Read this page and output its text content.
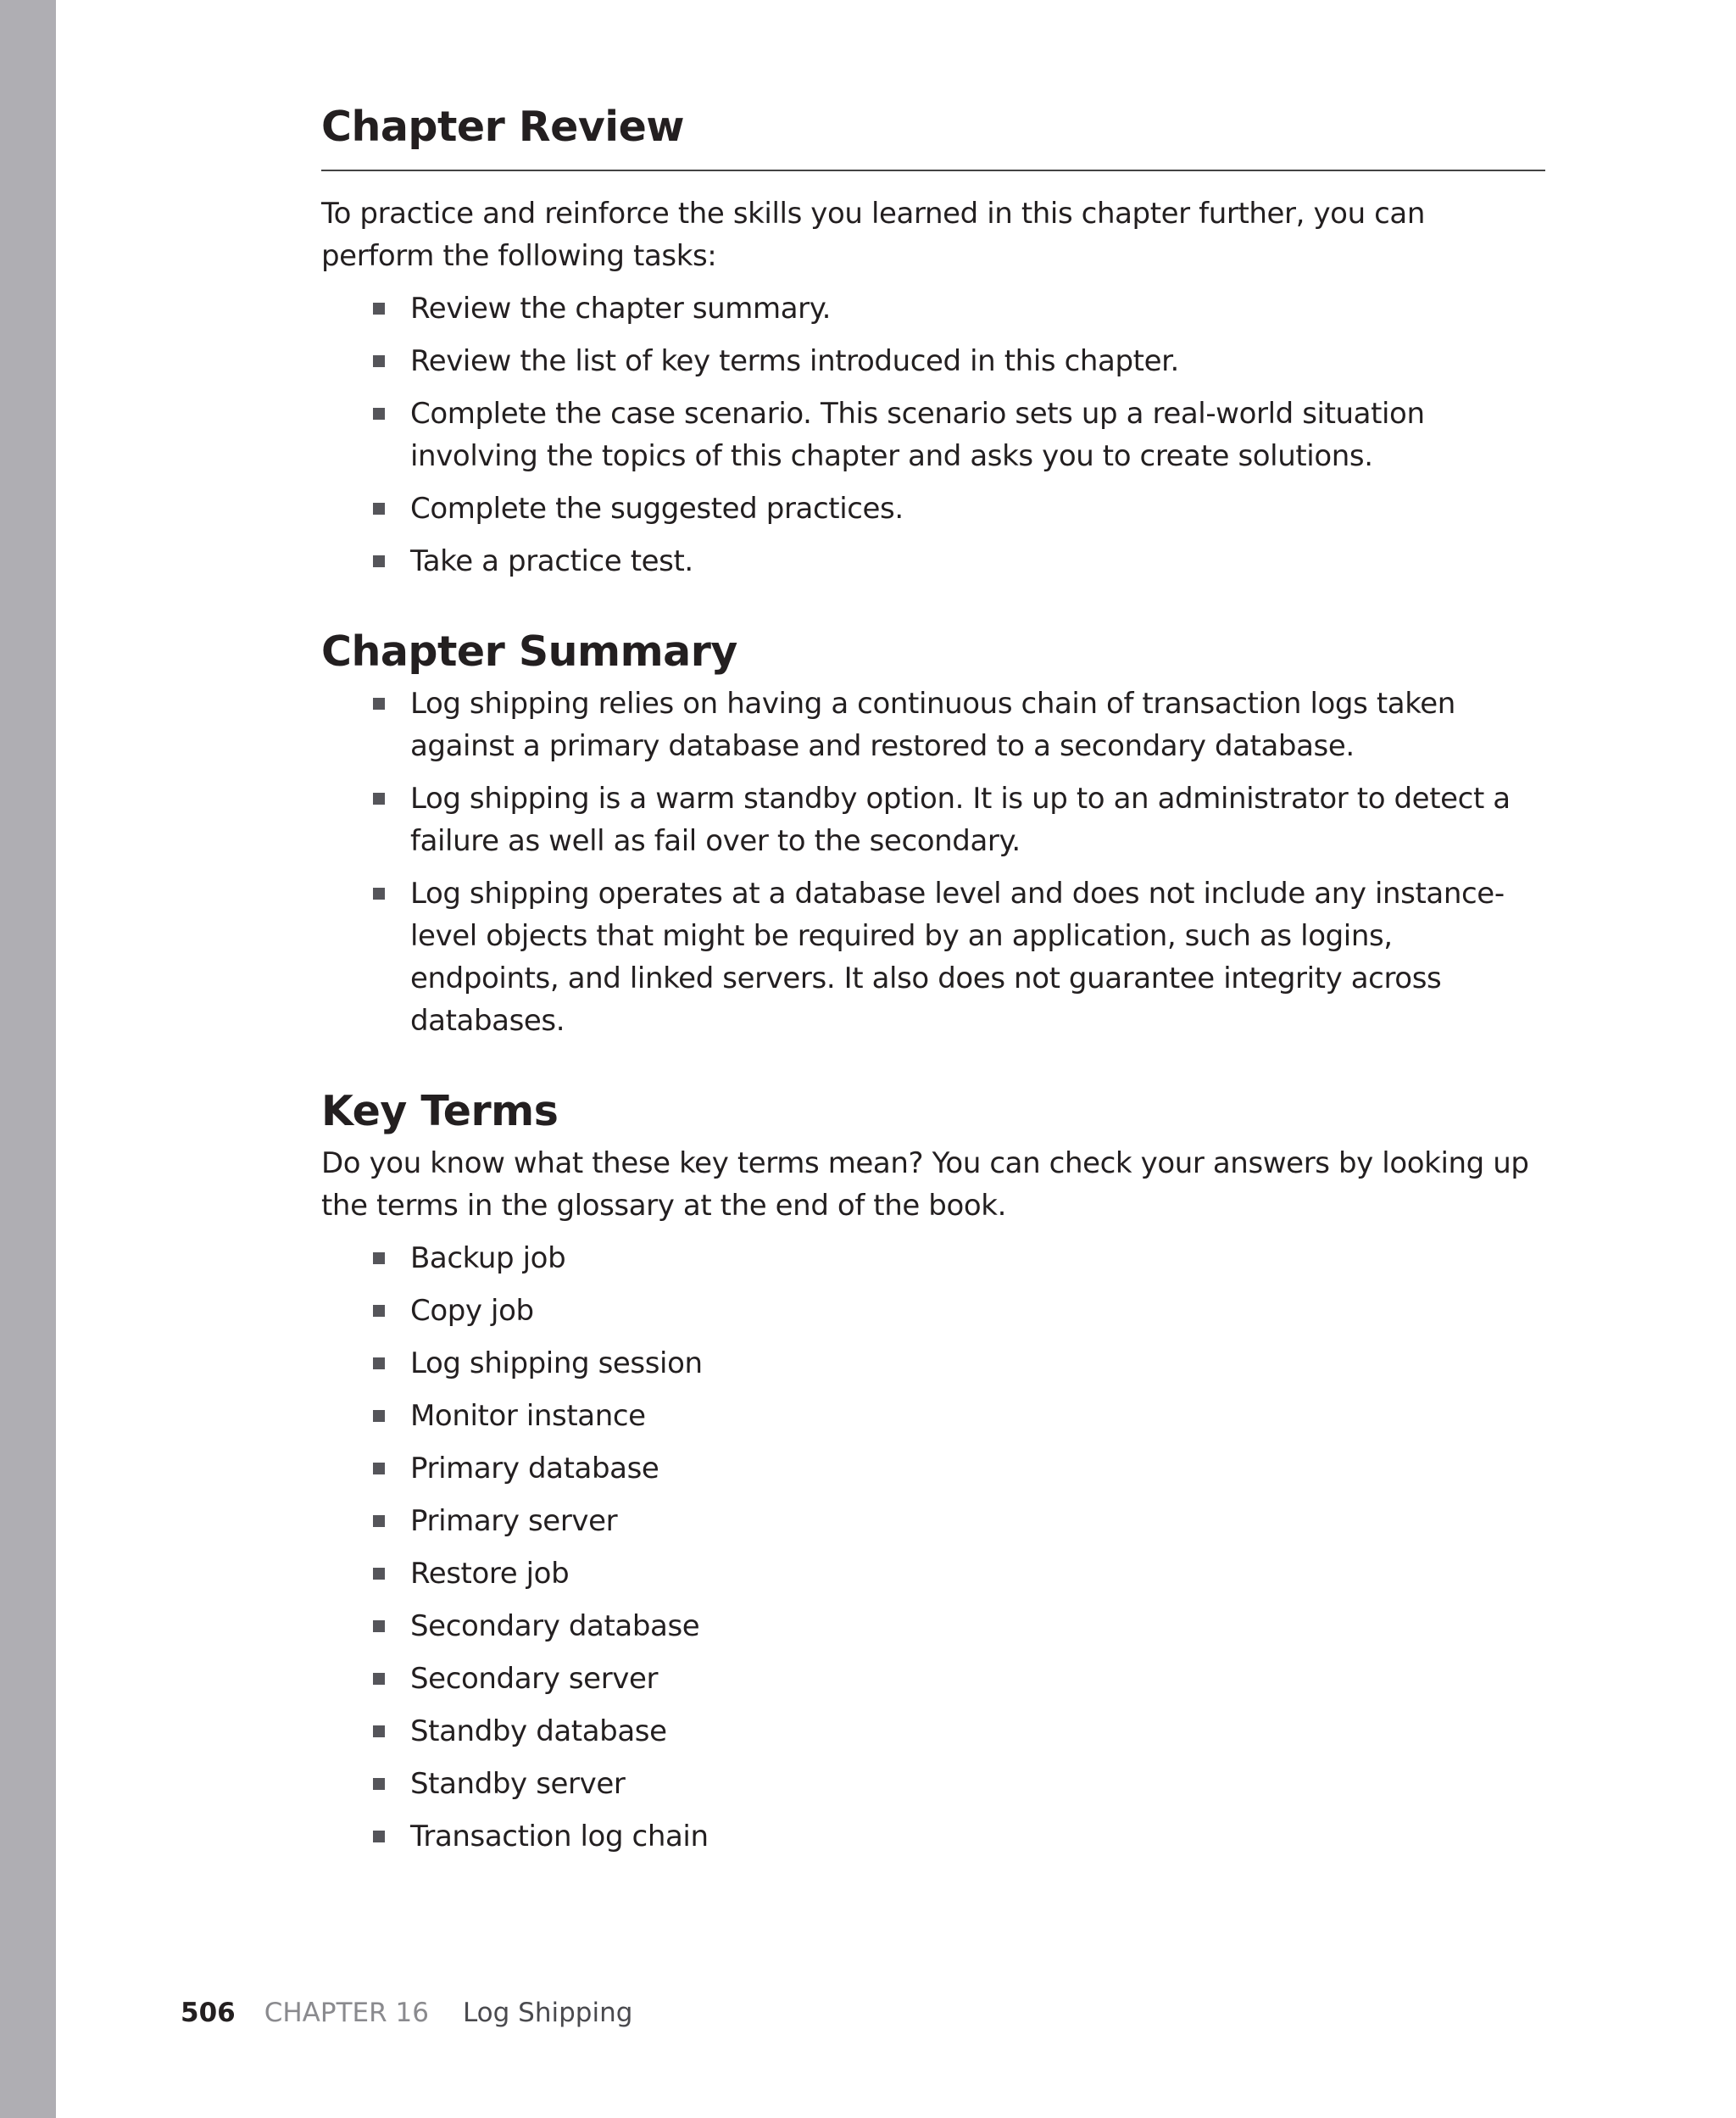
Chapter Review

To practice and reinforce the skills you learned in this chapter further, you can perform the following tasks:

Review the chapter summary.
Review the list of key terms introduced in this chapter.
Complete the case scenario. This scenario sets up a real-world situation involving the topics of this chapter and asks you to create solutions.
Complete the suggested practices.
Take a practice test.
Chapter Summary
Log shipping relies on having a continuous chain of transaction logs taken against a primary database and restored to a secondary database.
Log shipping is a warm standby option. It is up to an administrator to detect a failure as well as fail over to the secondary.
Log shipping operates at a database level and does not include any instance-level objects that might be required by an application, such as logins, endpoints, and linked servers. It also does not guarantee integrity across databases.
Key Terms

Do you know what these key terms mean? You can check your answers by looking up the terms in the glossary at the end of the book.

Backup job
Copy job
Log shipping session
Monitor instance
Primary database
Primary server
Restore job
Secondary database
Secondary server
Standby database
Standby server
Transaction log chain
506 CHAPTER 16 Log Shipping
